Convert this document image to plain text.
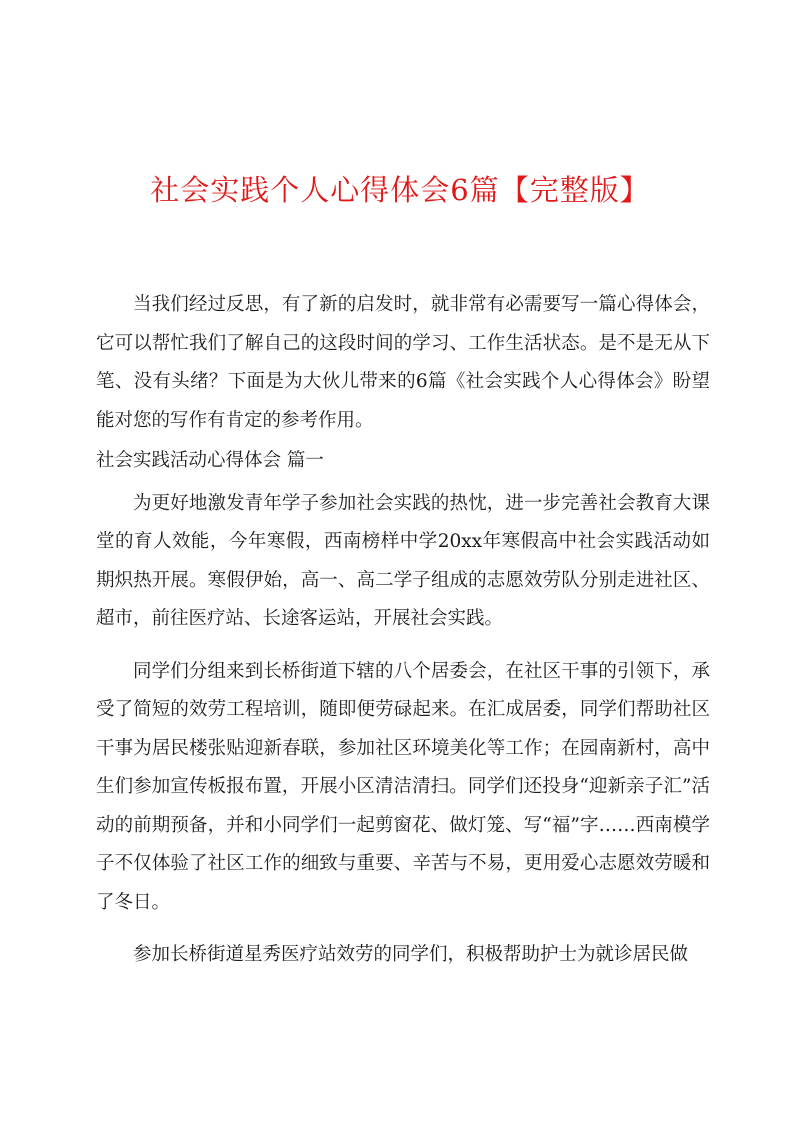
社会实践个人心得体会6篇【完整版】

当我们经过反思，有了新的启发时，就非常有必需要写一篇心得体会，它可以帮忙我们了解自己的这段时间的学习、工作生活状态。是不是无从下笔、没有头绪？下面是为大伙儿带来的6篇《社会实践个人心得体会》盼望能对您的写作有肯定的参考作用。

社会实践活动心得体会 篇一

为更好地激发青年学子参加社会实践的热忱，进一步完善社会教育大课堂的育人效能，今年寒假，西南榜样中学20xx年寒假高中社会实践活动如期炽热开展。寒假伊始，高一、高二学子组成的志愿效劳队分别走进社区、超市，前往医疗站、长途客运站，开展社会实践。

同学们分组来到长桥街道下辖的八个居委会，在社区干事的引领下，承受了简短的效劳工程培训，随即便劳碌起来。在汇成居委，同学们帮助社区干事为居民楼张贴迎新春联，参加社区环境美化等工作；在园南新村，高中生们参加宣传板报布置，开展小区清洁清扫。同学们还投身“迎新亲子汇”活动的前期预备，并和小同学们一起剪窗花、做灯笼、写“福”字……西南模学子不仅体验了社区工作的细致与重要、辛苦与不易，更用爱心志愿效劳暖和了冬日。

参加长桥街道星秀医疗站效劳的同学们，积极帮助护士为就诊居民做
